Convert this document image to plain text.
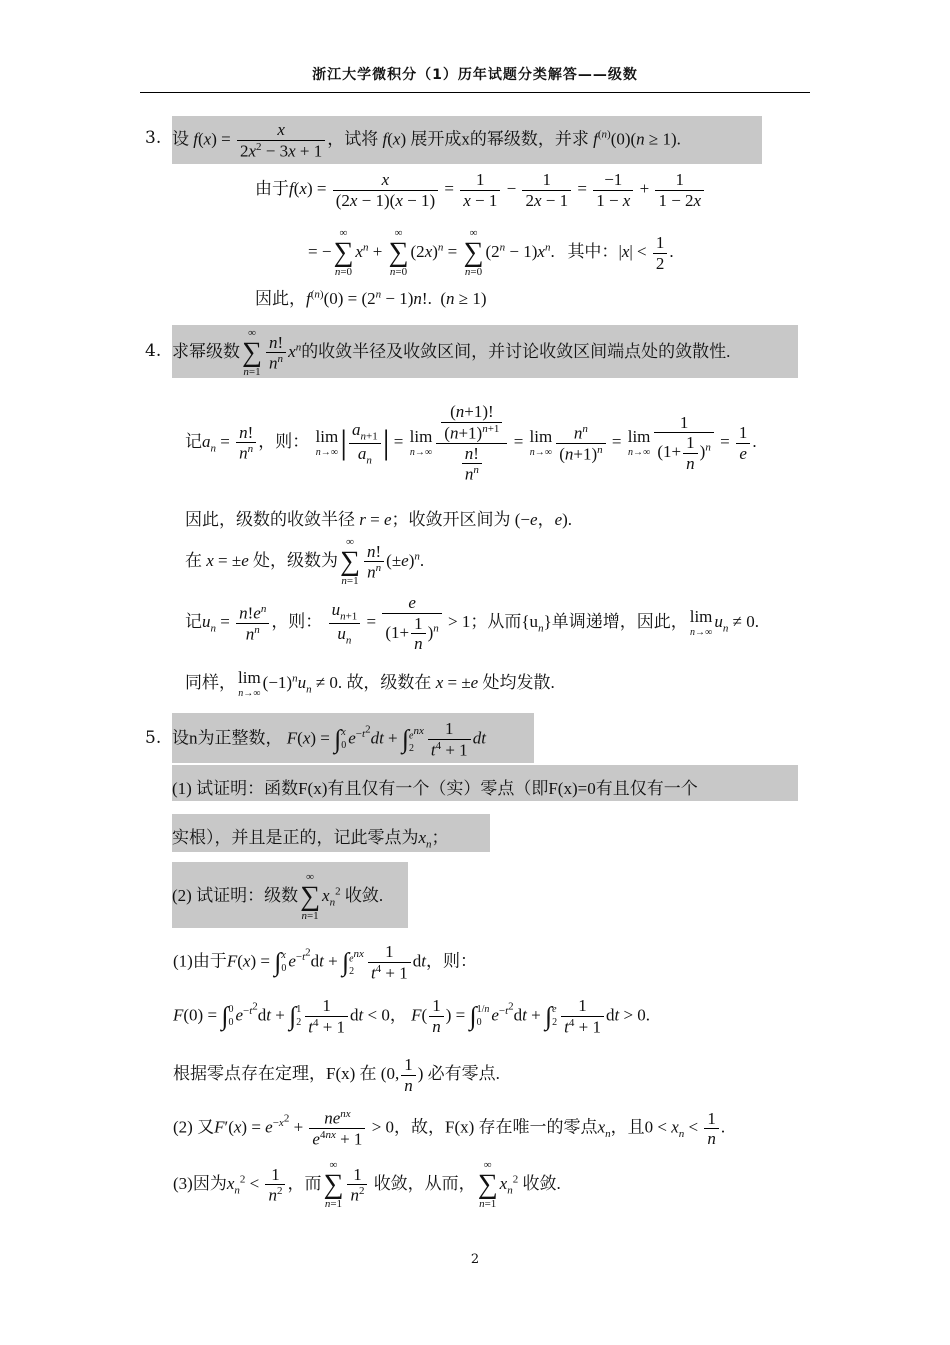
浙江大学微积分（1）历年试题分类解答——级数
3. 设 $f(x) = \frac{x}{2x^2 - 3x + 1}$ ，试将 f(x) 展开成x的幂级数，并求 $f^{(n)}(0)(n \ge 1)$.
由于$f(x) = \frac{x}{(2x - 1)(x - 1)} = \frac{1}{x - 1} - \frac{1}{2x - 1} = \frac{-1}{1 - x} + \frac{1}{1 - 2x}$
= −∞
∑
$n=0x^n$ + ∞
∑
$n=0(2x)^n$ = ∞
∑
$n=0(2^n - 1)x^n$.   其中：$|x| < \frac{1}{2}$ .
因此，$f^{(n)}(0) = (2^n - 1)n$!.  (n ≥ 1)
4. 求幂级数∞
∑
$n=1 \frac{n!}{n^n} x^n$的收敛半径及收敛区间，并讨论收敛区间端点处的敛散性.
记$a_n = \frac{n!}{n^n}$ ，则： lim
n→∞ | $\frac{a_{n+1}}{a_n}$ | = lim
$n\to\infty \frac{\frac{(n+1)!}{(n+1)^{n+1}}}{\frac{n!}{n^n}} = \lim$
$n\to\infty \frac{n^n}{(n+1)^n} = \lim$
$n\to\infty \frac{1}{(1+ \frac{1}{n} )^n} = \frac{1}{e}$ .
因此，级数的收敛半径 r = e；收敛开区间为 (−e，e).
在 x = ±e 处，级数为∞
∑
$n=1 \frac{n!}{n^n} (\pm e)^n$.
记$u_n = \frac{n!e^n}{n^n}$ ，则： $\frac{u_{n+1}}{u_n} = \frac{e}{(1+ \frac{1}{n} )^n} > 1$；从而$\{u_n\}$单调递增，因此， lim
n→∞
$u_n \ne 0$.
同样， lim
n→∞
$(-1)^nu_n \ne 0$. 故，级数在 x = ±e 处均发散.
5. 设n为正整数， F(x) = ∫x
0 $e^{-t^2}dt + \int e^{nx}$
$2 \frac{1}{t^4 + 1}$ dt
(1) 试证明：函数F(x)有且仅有一个（实）零点（即F(x)=0有且仅有一个
实根），并且是正的，记此零点为$x_n$；
(2) 试证明：级数∞
∑
$n=1x_n^2$ 收敛.
(1)由于F(x) = ∫x
0 $e^{-t^2}dt + \int e^{nx}$
$2 \frac{1}{t^4 + 1}$ dt，则：
F(0) = ∫0
0 $e^{-t^2}dt + \int 1$
$2 \frac{1}{t^4 + 1}$ dt < 0， $F( \frac{1}{n}$ ) = ∫1/n
0 $e^{-t^2}dt + \int e$
$2 \frac{1}{t^4 + 1}$ dt > 0.
根据零点存在定理，F(x) 在 (0, $\frac{1}{n}$ ) 必有零点.
(2) 又$F'(x) = e^{-x^2} + \frac{ne^{nx}}{e^{4nx} + 1} > 0$，故，F(x) 存在唯一的零点$x_n$，且$0 < x_n < \frac{1}{n}$ .
(3)因为$x_n^2 < \frac{1}{n^2}$ ，而∞
∑
$n=1 \frac{1}{n^2}$ 收敛，从而，∞
∑
$n=1x_n^2$ 收敛.
2
